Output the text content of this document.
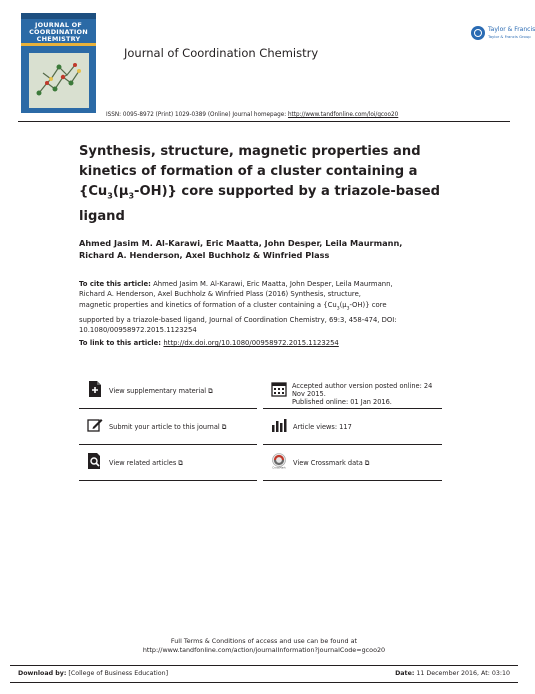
JOURNAL OF COORDINATION CHEMISTRY
Journal of Coordination Chemistry
Taylor & Francis
Taylor & Francis Group
ISSN: 0095-8972 (Print) 1029-0389 (Online) Journal homepage: http://www.tandfonline.com/loi/gcoo20
Synthesis, structure, magnetic properties and
kinetics of formation of a cluster containing a
$\{Cu_3(\mu_3-OH)\}$ core supported by a triazole-based
ligand
Ahmed Jasim M. Al-Karawi, Eric Maatta, John Desper, Leila Maurmann,
Richard A. Henderson, Axel Buchholz & Winfried Plass
To cite this article: Ahmed Jasim M. Al-Karawi, Eric Maatta, John Desper, Leila Maurmann,
Richard A. Henderson, Axel Buchholz & Winfried Plass (2016) Synthesis, structure,
magnetic properties and kinetics of formation of a cluster containing a $\{Cu_3(\mu_3-OH)\}$ core
supported by a triazole-based ligand, Journal of Coordination Chemistry, 69:3, 458-474, DOI:
10.1080/00958972.2015.1123254
To link to this article: http://dx.doi.org/10.1080/00958972.2015.1123254
View supplementary material ⧉
Accepted author version posted online: 24
Nov 2015.
Published online: 01 Jan 2016.
Submit your article to this journal ⧉	Article views: 117
View related articles ⧉
CrossMark
View Crossmark data ⧉
Full Terms & Conditions of access and use can be found at
http://www.tandfonline.com/action/journalInformation?journalCode=gcoo20
Download by: [College of Business Education]	Date: 11 December 2016, At: 03:10
